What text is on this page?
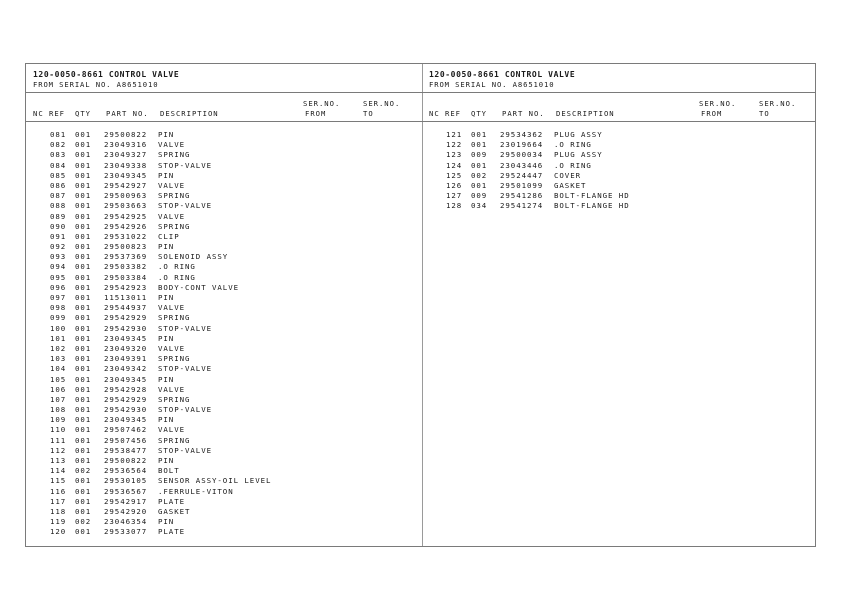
120-0050-8661 CONTROL VALVE
FROM SERIAL NO. A8651010
NC REF QTY PART NO. DESCRIPTION
SER.NO.
FROM
SER.NO.
TO
081 001 29500822 PIN
082 001 23049316 VALVE
083 001 23049327 SPRING
084 001 23049338 STOP-VALVE
085 001 23049345 PIN
086 001 29542927 VALVE
087 001 29500963 SPRING
088 001 29503663 STOP-VALVE
089 001 29542925 VALVE
090 001 29542926 SPRING
091 001 29531022 CLIP
092 001 29500823 PIN
093 001 29537369 SOLENOID ASSY
094 001 29503382 .O RING
095 001 29503384 .O RING
096 001 29542923 BODY-CONT VALVE
097 001 11513011 PIN
098 001 29544937 VALVE
099 001 29542929 SPRING
100 001 29542930 STOP-VALVE
101 001 23049345 PIN
102 001 23049320 VALVE
103 001 23049391 SPRING
104 001 23049342 STOP-VALVE
105 001 23049345 PIN
106 001 29542928 VALVE
107 001 29542929 SPRING
108 001 29542930 STOP-VALVE
109 001 23049345 PIN
110 001 29507462 VALVE
111 001 29507456 SPRING
112 001 29538477 STOP-VALVE
113 001 29500822 PIN
114 002 29536564 BOLT
115 001 29530105 SENSOR ASSY-OIL LEVEL
116 001 29536567 .FERRULE-VITON
117 001 29542917 PLATE
118 001 29542920 GASKET
119 002 23046354 PIN
120 001 29533077 PLATE
120-0050-8661 CONTROL VALVE
FROM SERIAL NO. A8651010
NC REF QTY PART NO. DESCRIPTION
SER.NO.
FROM
SER.NO.
TO
121 001 29534362 PLUG ASSY
122 001 23019664 .O RING
123 009 29500034 PLUG ASSY
124 001 23043446 .O RING
125 002 29524447 COVER
126 001 29501099 GASKET
127 009 29541286 BOLT-FLANGE HD
128 034 29541274 BOLT-FLANGE HD
